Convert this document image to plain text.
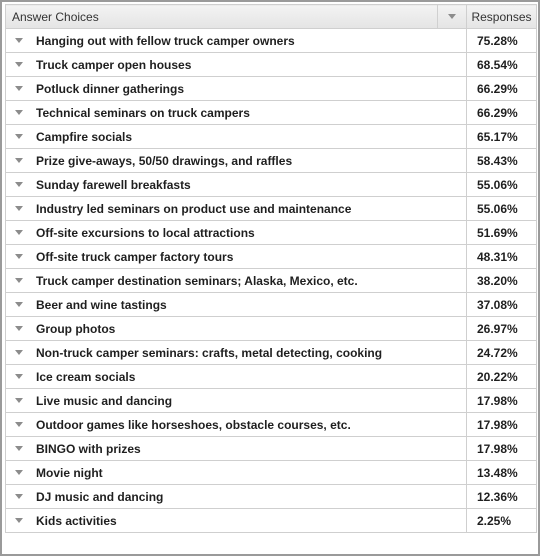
Answer Choices	Responses

Hanging out with fellow truck camper owners	75.28%

Truck camper open houses	68.54%

Potluck dinner gatherings	66.29%

Technical seminars on truck campers	66.29%

Campfire socials	65.17%

Prize give-aways, 50/50 drawings, and raffles	58.43%

Sunday farewell breakfasts	55.06%

Industry led seminars on product use and maintenance	55.06%

Off-site excursions to local attractions	51.69%

Off-site truck camper factory tours	48.31%

Truck camper destination seminars; Alaska, Mexico, etc.	38.20%

Beer and wine tastings	37.08%

Group photos	26.97%

Non-truck camper seminars: crafts, metal detecting, cooking	24.72%

Ice cream socials	20.22%

Live music and dancing	17.98%

Outdoor games like horseshoes, obstacle courses, etc.	17.98%

BINGO with prizes	17.98%

Movie night	13.48%

DJ music and dancing	12.36%

Kids activities	2.25%
